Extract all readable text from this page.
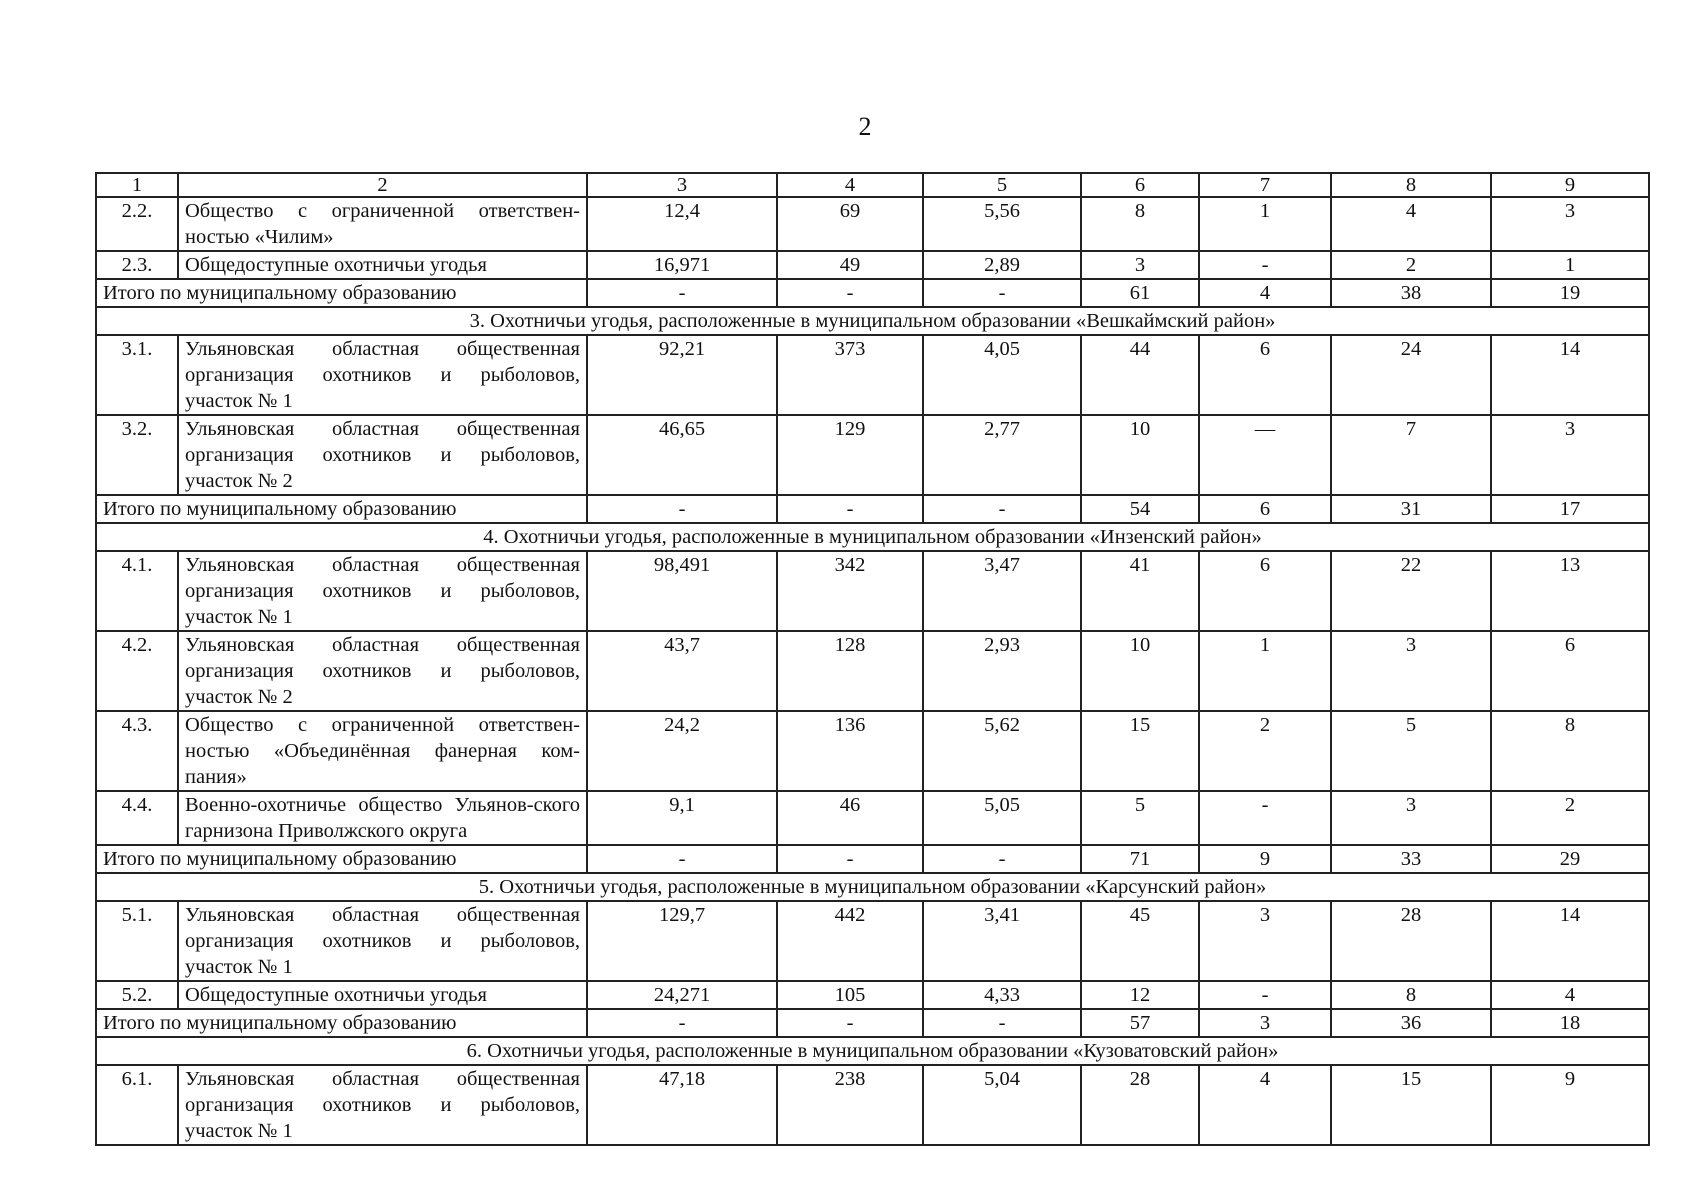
2
1	2	3	4	5	6	7	8	9
2.2.	Общество с ограниченной ответствен-ностью «Чилим»	12,4	69	5,56	8	1	4	3
2.3.	Общедоступные охотничьи угодья	16,971	49	2,89	3	-	2	1
Итого по муниципальному образованию		-	-	-	61	4	38	19
3. Охотничьи угодья, расположенные в муниципальном образовании «Вешкаймский район»								
3.1.	Ульяновская областная общественная организация охотников и рыболовов, участок № 1	92,21	373	4,05	44	6	24	14
3.2.	Ульяновская областная общественная организация охотников и рыболовов, участок № 2	46,65	129	2,77	10	—	7	3
Итого по муниципальному образованию		-	-	-	54	6	31	17
4. Охотничьи угодья, расположенные в муниципальном образовании «Инзенский район»								
4.1.	Ульяновская областная общественная организация охотников и рыболовов, участок № 1	98,491	342	3,47	41	6	22	13
4.2.	Ульяновская областная общественная организация охотников и рыболовов, участок № 2	43,7	128	2,93	10	1	3	6
4.3.	Общество с ограниченной ответствен-ностью «Объединённая фанерная ком-пания»	24,2	136	5,62	15	2	5	8
4.4.	Военно-охотничье общество Ульянов-ского гарнизона Приволжского округа	9,1	46	5,05	5	-	3	2
Итого по муниципальному образованию		-	-	-	71	9	33	29
5. Охотничьи угодья, расположенные в муниципальном образовании «Карсунский район»								
5.1.	Ульяновская областная общественная организация охотников и рыболовов, участок № 1	129,7	442	3,41	45	3	28	14
5.2.	Общедоступные охотничьи угодья	24,271	105	4,33	12	-	8	4
Итого по муниципальному образованию		-	-	-	57	3	36	18
6. Охотничьи угодья, расположенные в муниципальном образовании «Кузоватовский район»								
6.1.	Ульяновская областная общественная организация охотников и рыболовов, участок № 1	47,18	238	5,04	28	4	15	9
